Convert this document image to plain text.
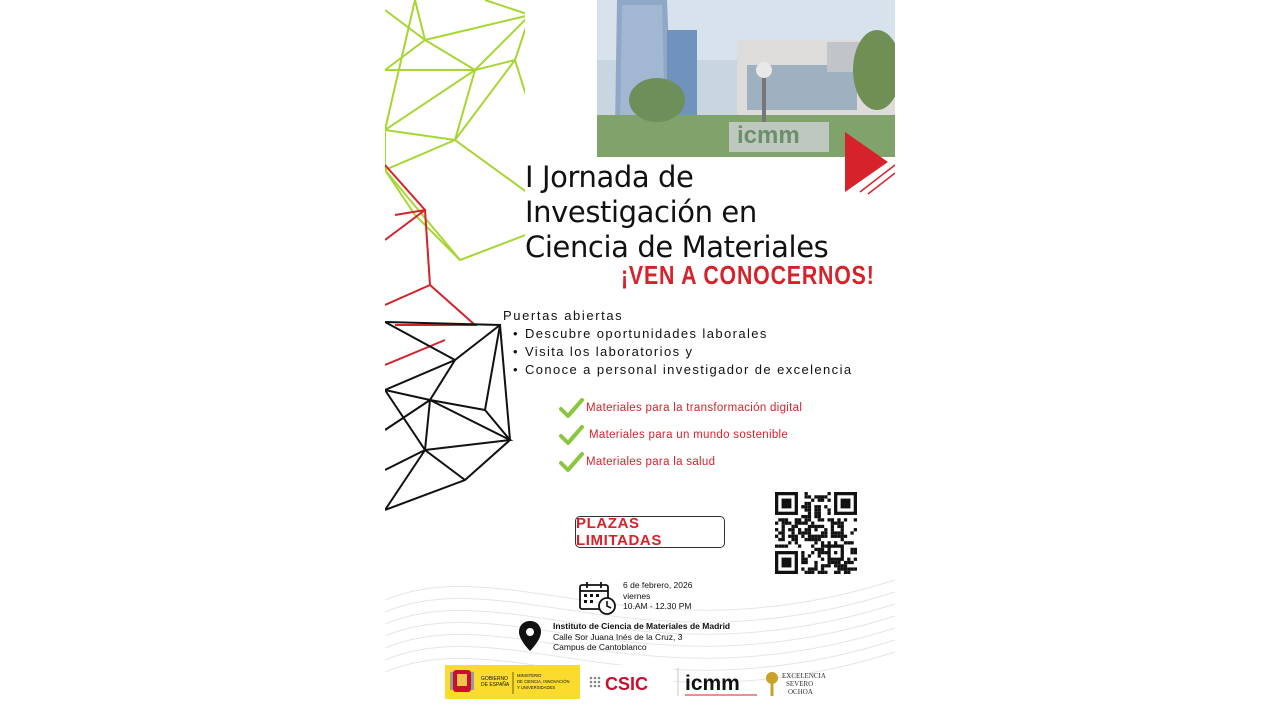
icmm
I Jornada de
Investigación en
Ciencia de Materiales
¡VEN A CONOCERNOS!
Puertas abiertas
• Descubre oportunidades laborales
• Visita los laboratorios y
• Conoce a personal investigador de excelencia
Materiales para la transformación digital
Materiales para un mundo sostenible
Materiales para la salud
PLAZAS LIMITADAS
6 de febrero, 2026
viernes
10.AM - 12.30 PM
Instituto de Ciencia de Materiales de Madrid
Calle Sor Juana Inés de la Cruz, 3
Campus de Cantoblanco
GOBIERNO
DE ESPAÑA
MINISTERIO
DE CIENCIA, INNOVACIÓN
Y UNIVERSIDADES	CSIC icmm	EXCELENCIA
SEVERO
OCHOA
